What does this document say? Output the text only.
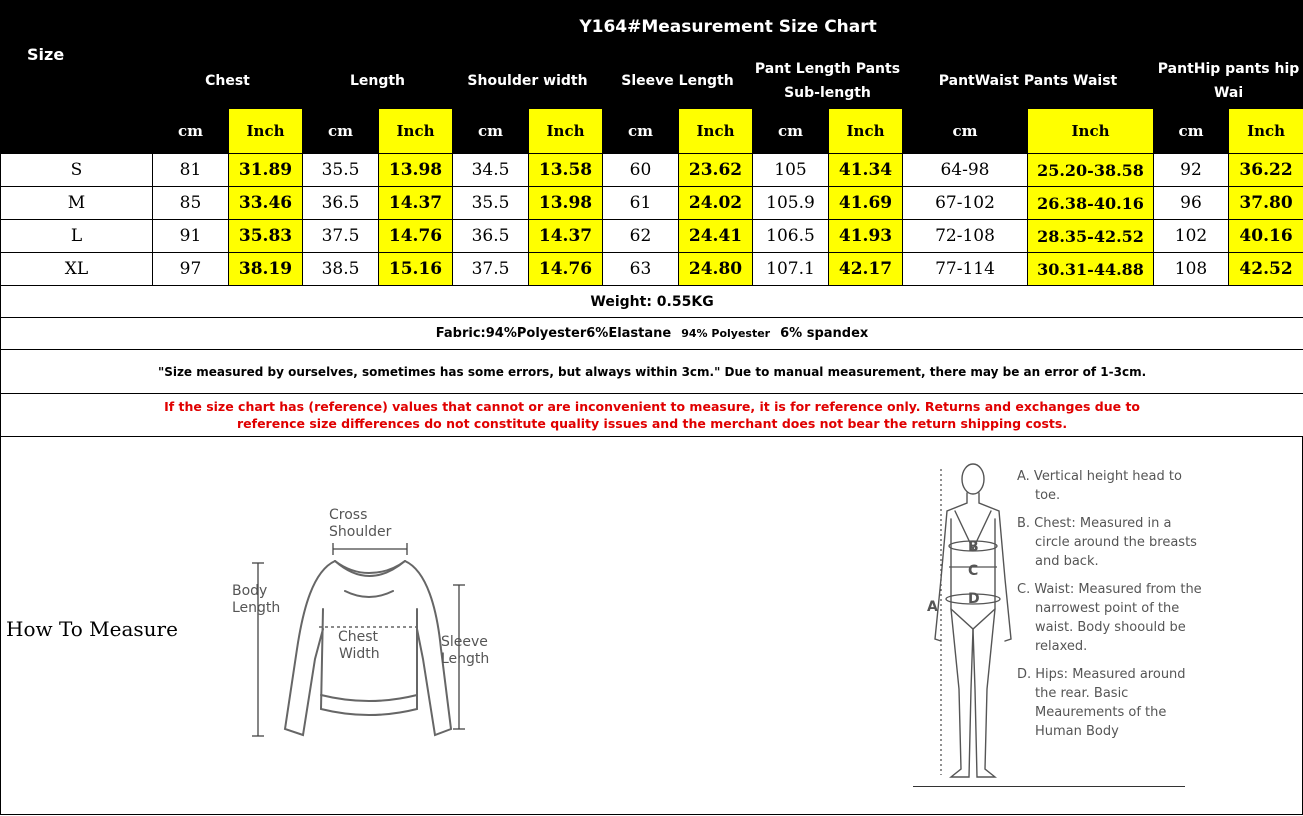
Size	Y164#Measurement Size Chart													
	Chest		Length		Shoulder width		Sleeve Length		Pant Length Pants Sub-length		PantWaist Pants Waist		PantHip pants hip Wai	
	cm	Inch	cm	Inch	cm	Inch	cm	Inch	cm	Inch	cm	Inch	cm	Inch
S	81	31.89	35.5	13.98	34.5	13.58	60	23.62	105	41.34	64-98	25.20-38.58	92	36.22
M	85	33.46	36.5	14.37	35.5	13.98	61	24.02	105.9	41.69	67-102	26.38-40.16	96	37.80
L	91	35.83	37.5	14.76	36.5	14.37	62	24.41	106.5	41.93	72-108	28.35-42.52	102	40.16
XL	97	38.19	38.5	15.16	37.5	14.76	63	24.80	107.1	42.17	77-114	30.31-44.88	108	42.52
Weight: 0.55KG														
Fabric:94%Polyester6%Elastane 94% Polyester 6% spandex														
"Size measured by ourselves, sometimes has some errors, but always within 3cm." Due to manual measurement, there may be an error of 1-3cm.														

If the size chart has (reference) values that cannot or are inconvenient to measure, it is for reference only. Returns and exchanges due to
reference size differences do not constitute quality issues and the merchant does not bear the return shipping costs.														
How To Measure
Cross
Shoulder
Body
Length
Chest
Width
Sleeve
Length
B
C
D
A
A. Vertical height head to toe.
B. Chest: Measured in a circle around the breasts and back.
C. Waist: Measured from the narrowest point of the waist. Body shoould be relaxed.
D. Hips: Measured around the rear. Basic Meaurements of the Human Body
